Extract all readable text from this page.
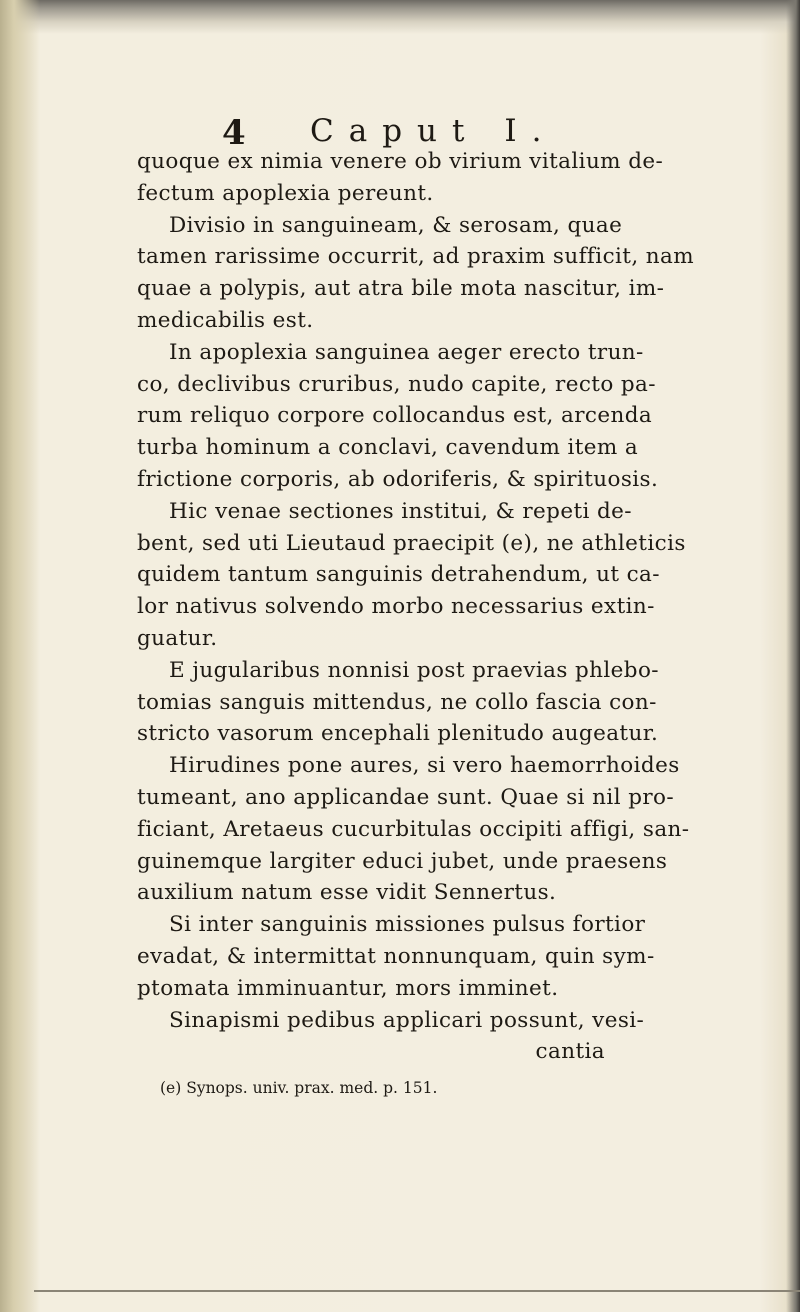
4 Caput I.
quoque ex nimia venere ob virium vitalium de-
fectum apoplexia pereunt.
Divisio in sanguineam, & serosam, quae
tamen rarissime occurrit, ad praxim sufficit, nam
quae a polypis, aut atra bile mota nascitur, im-
medicabilis est.
In apoplexia sanguinea aeger erecto trun-
co, declivibus cruribus, nudo capite, recto pa-
rum reliquo corpore collocandus est, arcenda
turba hominum a conclavi, cavendum item a
frictione corporis, ab odoriferis, & spirituosis.
Hic venae sectiones institui, & repeti de-
bent, sed uti Lieutaud praecipit (e), ne athleticis
quidem tantum sanguinis detrahendum, ut ca-
lor nativus solvendo morbo necessarius extin-
guatur.
E jugularibus nonnisi post praevias phlebo-
tomias sanguis mittendus, ne collo fascia con-
stricto vasorum encephali plenitudo augeatur.
Hirudines pone aures, si vero haemorrhoides
tumeant, ano applicandae sunt. Quae si nil pro-
ficiant, Aretaeus cucurbitulas occipiti affigi, san-
guinemque largiter educi jubet, unde praesens
auxilium natum esse vidit Sennertus.
Si inter sanguinis missiones pulsus fortior
evadat, & intermittat nonnunquam, quin sym-
ptomata imminuantur, mors imminet.
Sinapismi pedibus applicari possunt, vesi-
cantia
(e) Synops. univ. prax. med. p. 151.
